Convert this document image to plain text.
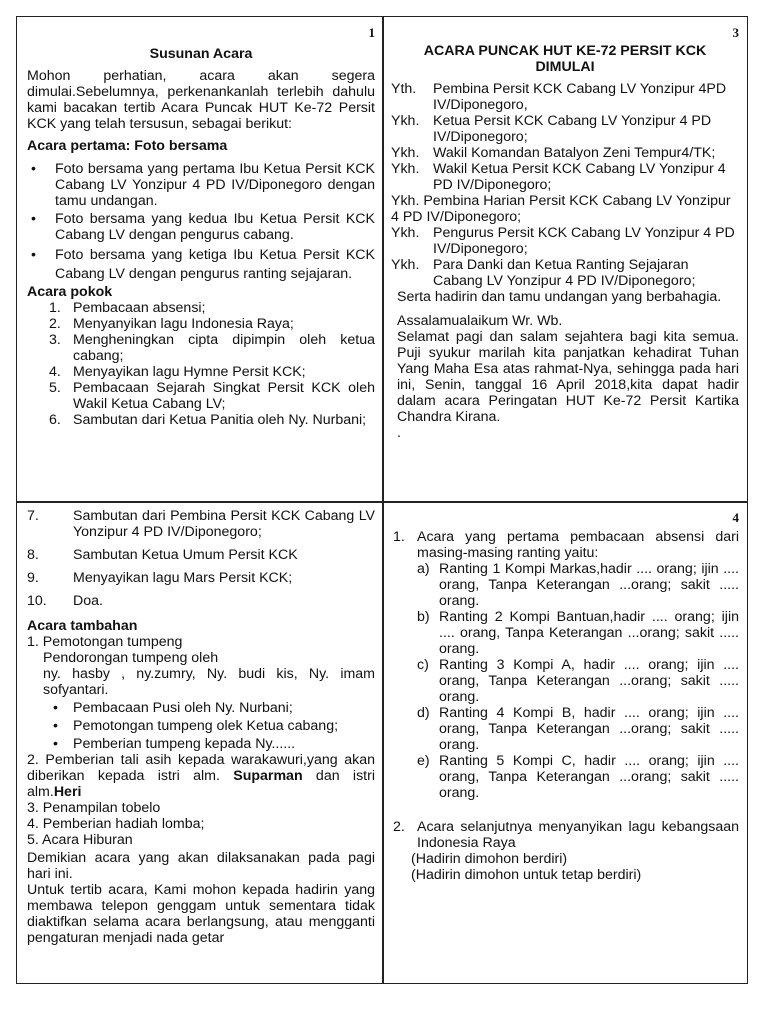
1
Susunan Acara
Mohon perhatian, acara akan segera dimulai.Sebelumnya, perkenankanlah terlebih dahulu kami bacakan tertib Acara Puncak HUT Ke-72 Persit KCK yang telah tersusun, sebagai berikut:
Acara pertama: Foto bersama
• Foto bersama yang pertama Ibu Ketua Persit KCK Cabang LV Yonzipur 4 PD IV/Diponegoro dengan tamu undangan.
• Foto bersama yang kedua Ibu Ketua Persit KCK Cabang LV dengan pengurus cabang.
• Foto bersama yang ketiga Ibu Ketua Persit KCK Cabang LV dengan pengurus ranting sejajaran.
Acara pokok
1. Pembacaan absensi;
2. Menyanyikan lagu Indonesia Raya;
3. Mengheningkan cipta dipimpin oleh ketua cabang;
4. Menyayikan lagu Hymne Persit KCK;
5. Pembacaan Sejarah Singkat Persit KCK oleh Wakil Ketua Cabang LV;
6. Sambutan dari Ketua Panitia oleh Ny. Nurbani;
3
ACARA PUNCAK HUT KE-72 PERSIT KCK DIMULAI
Yth. Pembina Persit KCK Cabang LV Yonzipur 4PD IV/Diponegoro,
Ykh. Ketua Persit KCK Cabang LV Yonzipur 4 PD IV/Diponegoro;
Ykh. Wakil Komandan Batalyon Zeni Tempur4/TK;
Ykh. Wakil Ketua Persit KCK Cabang LV Yonzipur 4 PD IV/Diponegoro;
Ykh. Pembina Harian Persit KCK Cabang LV Yonzipur 4 PD IV/Diponegoro;
Ykh. Pengurus Persit KCK Cabang LV Yonzipur 4 PD IV/Diponegoro;
Ykh. Para Danki dan Ketua Ranting Sejajaran Cabang LV Yonzipur 4 PD IV/Diponegoro;
Serta hadirin dan tamu undangan yang berbahagia.
Assalamualaikum Wr. Wb.
Selamat pagi dan salam sejahtera bagi kita semua. Puji syukur marilah kita panjatkan kehadirat Tuhan Yang Maha Esa atas rahmat-Nya, sehingga pada hari ini, Senin, tanggal 16 April 2018,kita dapat hadir dalam acara Peringatan HUT Ke-72 Persit Kartika Chandra Kirana.
.
7. Sambutan dari Pembina Persit KCK Cabang LV Yonzipur 4 PD IV/Diponegoro;
8. Sambutan Ketua Umum Persit KCK
9. Menyayikan lagu Mars Persit KCK;
10. Doa.
Acara tambahan
1. Pemotongan tumpeng
Pendorongan tumpeng oleh
ny. hasby , ny.zumry, Ny. budi kis, Ny. imam sofyantari.
• Pembacaan Pusi oleh Ny. Nurbani;
• Pemotongan tumpeng olek Ketua cabang;
• Pemberian tumpeng kepada Ny......
2. Pemberian tali asih kepada warakawuri,yang akan diberikan kepada istri alm. Suparman dan istri alm.Heri
3. Penampilan tobelo
4. Pemberian hadiah lomba;
5. Acara Hiburan
Demikian acara yang akan dilaksanakan pada pagi hari ini.
Untuk tertib acara, Kami mohon kepada hadirin yang membawa telepon genggam untuk sementara tidak diaktifkan selama acara berlangsung, atau mengganti pengaturan menjadi nada getar
4
1. Acara yang pertama pembacaan absensi dari masing-masing ranting yaitu:
a) Ranting 1 Kompi Markas,hadir .... orang; ijin .... orang, Tanpa Keterangan ...orang; sakit ..... orang.
b) Ranting 2 Kompi Bantuan,hadir .... orang; ijin .... orang, Tanpa Keterangan ...orang; sakit ..... orang.
c) Ranting 3 Kompi A, hadir .... orang; ijin .... orang, Tanpa Keterangan ...orang; sakit ..... orang.
d) Ranting 4 Kompi B, hadir .... orang; ijin .... orang, Tanpa Keterangan ...orang; sakit ..... orang.
e) Ranting 5 Kompi C, hadir .... orang; ijin .... orang, Tanpa Keterangan ...orang; sakit ..... orang.
2. Acara selanjutnya menyanyikan lagu kebangsaan Indonesia Raya
(Hadirin dimohon berdiri)
(Hadirin dimohon untuk tetap berdiri)
